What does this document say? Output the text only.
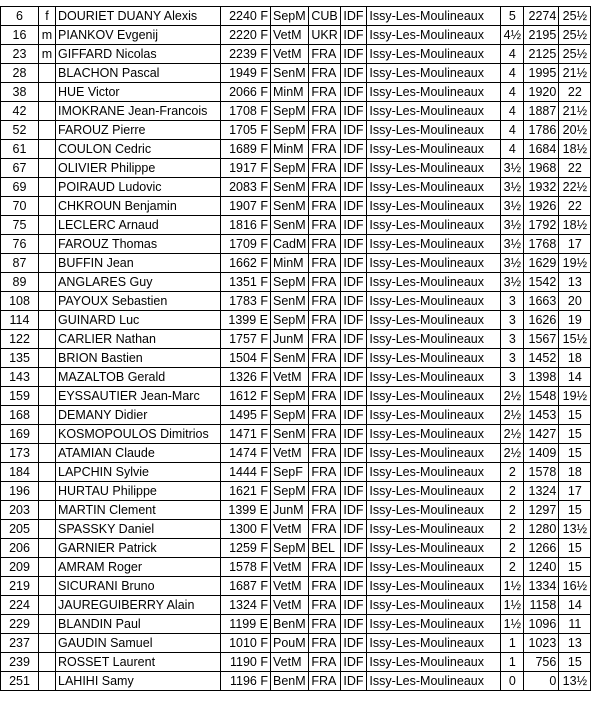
6	f	DOURIET DUANY Alexis	2240 F	SepM	CUB	IDF	Issy-Les-Moulineaux	5	2274	25½
16	m	PIANKOV Evgenij	2220 F	VetM	UKR	IDF	Issy-Les-Moulineaux	4½	2195	25½
23	m	GIFFARD Nicolas	2239 F	VetM	FRA	IDF	Issy-Les-Moulineaux	4	2125	25½
28		BLACHON Pascal	1949 F	SenM	FRA	IDF	Issy-Les-Moulineaux	4	1995	21½
38		HUE Victor	2066 F	MinM	FRA	IDF	Issy-Les-Moulineaux	4	1920	22
42		IMOKRANE Jean-Francois	1708 F	SepM	FRA	IDF	Issy-Les-Moulineaux	4	1887	21½
52		FAROUZ Pierre	1705 F	SepM	FRA	IDF	Issy-Les-Moulineaux	4	1786	20½
61		COULON Cedric	1689 F	MinM	FRA	IDF	Issy-Les-Moulineaux	4	1684	18½
67		OLIVIER Philippe	1917 F	SepM	FRA	IDF	Issy-Les-Moulineaux	3½	1968	22
69		POIRAUD Ludovic	2083 F	SenM	FRA	IDF	Issy-Les-Moulineaux	3½	1932	22½
70		CHKROUN Benjamin	1907 F	SenM	FRA	IDF	Issy-Les-Moulineaux	3½	1926	22
75		LECLERC Arnaud	1816 F	SenM	FRA	IDF	Issy-Les-Moulineaux	3½	1792	18½
76		FAROUZ Thomas	1709 F	CadM	FRA	IDF	Issy-Les-Moulineaux	3½	1768	17
87		BUFFIN Jean	1662 F	MinM	FRA	IDF	Issy-Les-Moulineaux	3½	1629	19½
89		ANGLARES Guy	1351 F	SepM	FRA	IDF	Issy-Les-Moulineaux	3½	1542	13
108		PAYOUX Sebastien	1783 F	SenM	FRA	IDF	Issy-Les-Moulineaux	3	1663	20
114		GUINARD Luc	1399 E	SepM	FRA	IDF	Issy-Les-Moulineaux	3	1626	19
122		CARLIER Nathan	1757 F	JunM	FRA	IDF	Issy-Les-Moulineaux	3	1567	15½
135		BRION Bastien	1504 F	SenM	FRA	IDF	Issy-Les-Moulineaux	3	1452	18
143		MAZALTOB Gerald	1326 F	VetM	FRA	IDF	Issy-Les-Moulineaux	3	1398	14
159		EYSSAUTIER Jean-Marc	1612 F	SepM	FRA	IDF	Issy-Les-Moulineaux	2½	1548	19½
168		DEMANY Didier	1495 F	SepM	FRA	IDF	Issy-Les-Moulineaux	2½	1453	15
169		KOSMOPOULOS Dimitrios	1471 F	SenM	FRA	IDF	Issy-Les-Moulineaux	2½	1427	15
173		ATAMIAN Claude	1474 F	VetM	FRA	IDF	Issy-Les-Moulineaux	2½	1409	15
184		LAPCHIN Sylvie	1444 F	SepF	FRA	IDF	Issy-Les-Moulineaux	2	1578	18
196		HURTAU Philippe	1621 F	SepM	FRA	IDF	Issy-Les-Moulineaux	2	1324	17
203		MARTIN Clement	1399 E	JunM	FRA	IDF	Issy-Les-Moulineaux	2	1297	15
205		SPASSKY Daniel	1300 F	VetM	FRA	IDF	Issy-Les-Moulineaux	2	1280	13½
206		GARNIER Patrick	1259 F	SepM	BEL	IDF	Issy-Les-Moulineaux	2	1266	15
209		AMRAM Roger	1578 F	VetM	FRA	IDF	Issy-Les-Moulineaux	2	1240	15
219		SICURANI Bruno	1687 F	VetM	FRA	IDF	Issy-Les-Moulineaux	1½	1334	16½
224		JAUREGUIBERRY Alain	1324 F	VetM	FRA	IDF	Issy-Les-Moulineaux	1½	1158	14
229		BLANDIN Paul	1199 E	BenM	FRA	IDF	Issy-Les-Moulineaux	1½	1096	11
237		GAUDIN Samuel	1010 F	PouM	FRA	IDF	Issy-Les-Moulineaux	1	1023	13
239		ROSSET Laurent	1190 F	VetM	FRA	IDF	Issy-Les-Moulineaux	1	756	15
251		LAHIHI Samy	1196 F	BenM	FRA	IDF	Issy-Les-Moulineaux	0	0	13½
